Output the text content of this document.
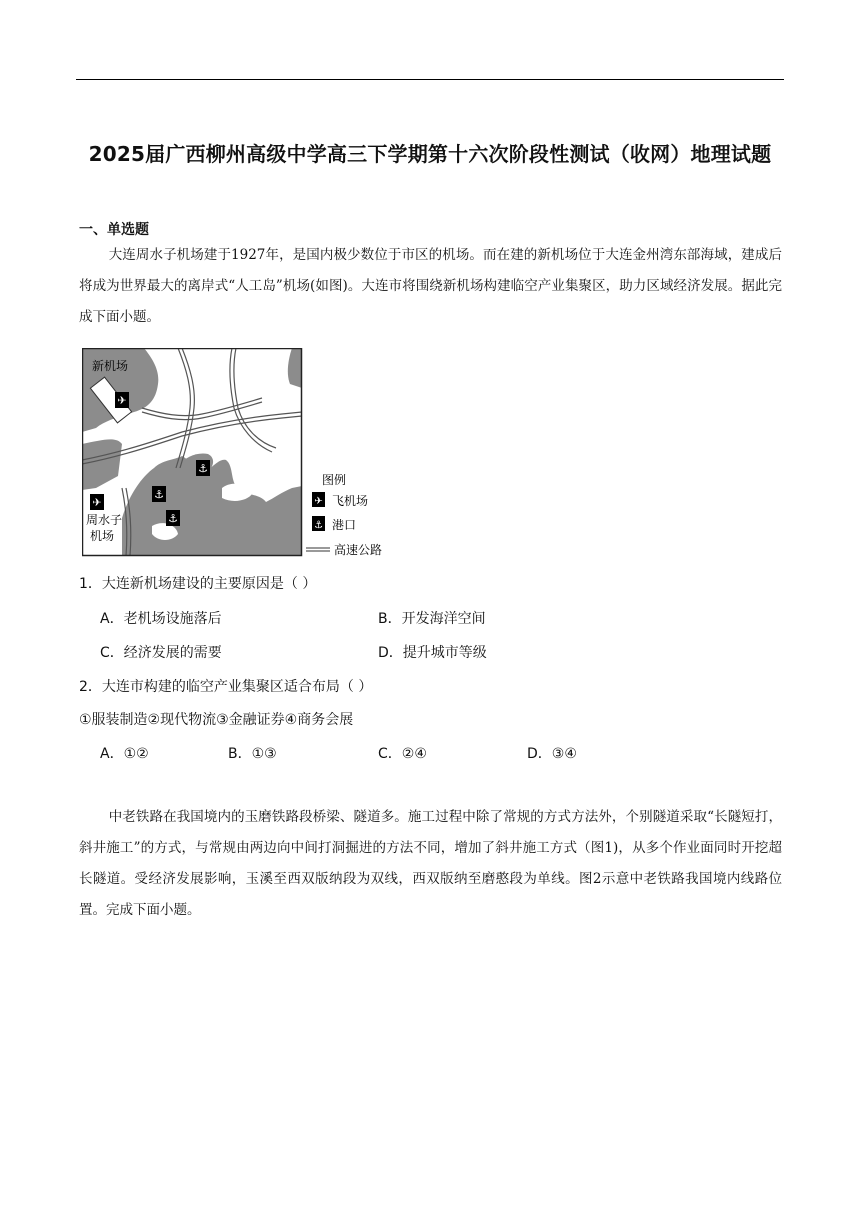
2025届广西柳州高级中学高三下学期第十六次阶段性测试（收网）地理试题
一、单选题
大连周水子机场建于1927年，是国内极少数位于市区的机场。而在建的新机场位于大连金州湾东部海域，建成后将成为世界最大的离岸式“人工岛”机场(如图)。大连市将围绕新机场构建临空产业集聚区，助力区域经济发展。据此完成下面小题。
✈
新机场
✈
周水子
机场
⚓
⚓
⚓
图例
✈ 飞机场
⚓ 港口
高速公路
1．大连新机场建设的主要原因是（ ）
A．老机场设施落后	B．开发海洋空间
C．经济发展的需要	D．提升城市等级
2．大连市构建的临空产业集聚区适合布局（ ）
①服装制造②现代物流③金融证券④商务会展
A．①②	B．①③	C．②④	D．③④
中老铁路在我国境内的玉磨铁路段桥梁、隧道多。施工过程中除了常规的方式方法外，个别隧道采取“长隧短打，斜井施工”的方式，与常规由两边向中间打洞掘进的方法不同，增加了斜井施工方式（图1)，从多个作业面同时开挖超长隧道。受经济发展影响，玉溪至西双版纳段为双线，西双版纳至磨憨段为单线。图2示意中老铁路我国境内线路位置。完成下面小题。
